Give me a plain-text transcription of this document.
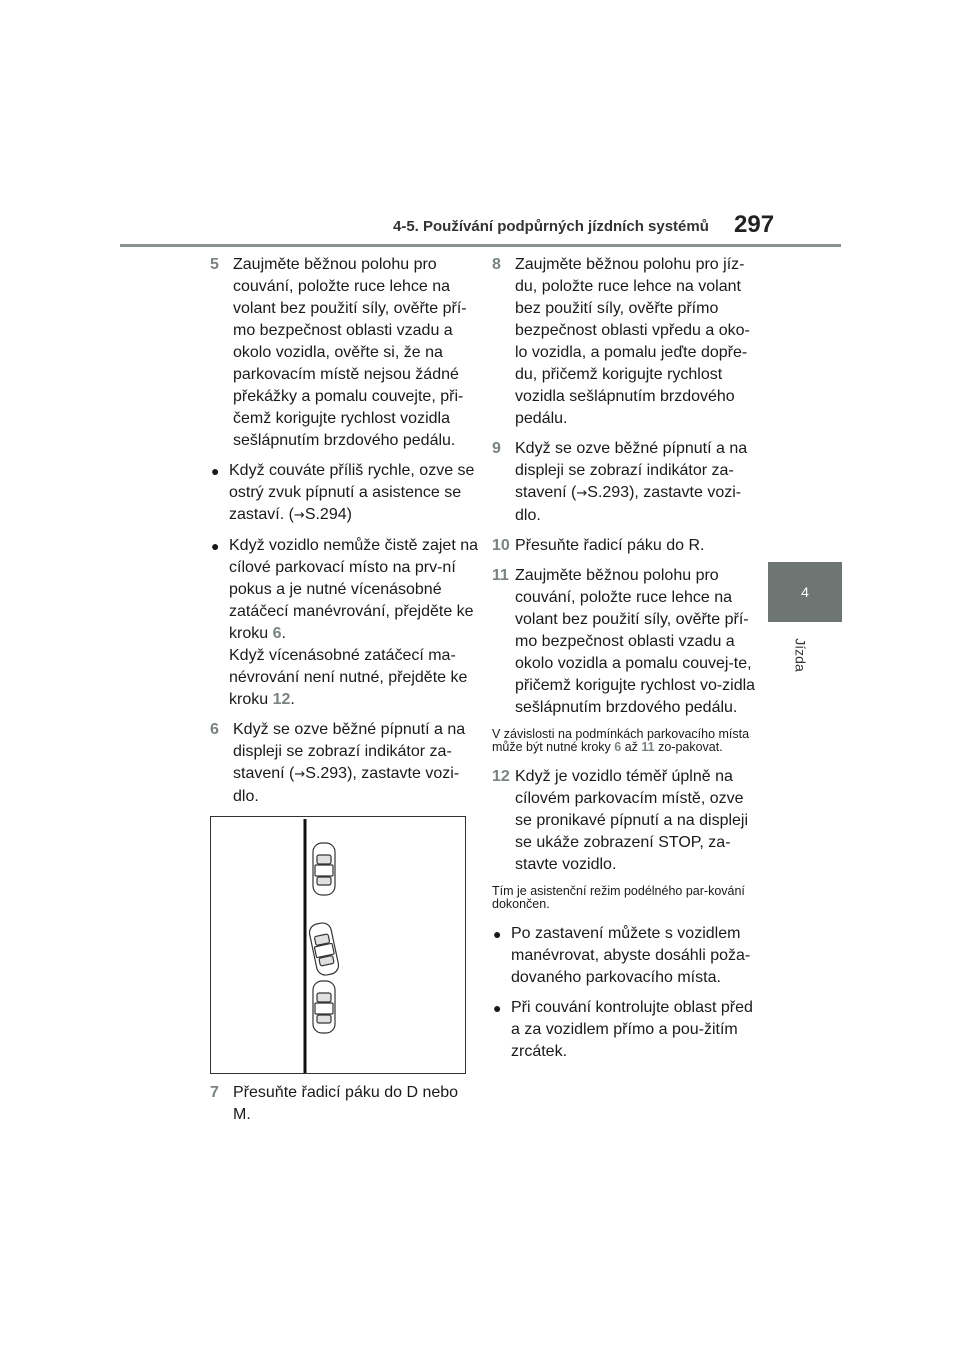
4-5. Používání podpůrných jízdních systémů 297
4
Jízda
5 Zaujměte běžnou polohu pro couvání, položte ruce lehce na volant bez použití síly, ověřte pří-mo bezpečnost oblasti vzadu a okolo vozidla, ověřte si, že na parkovacím místě nejsou žádné překážky a pomalu couvejte, při-čemž korigujte rychlost vozidla sešlápnutím brzdového pedálu.
● Když couváte příliš rychle, ozve se ostrý zvuk pípnutí a asistence se zastaví. (→S.294)
● Když vozidlo nemůže čistě zajet na cílové parkovací místo na prv-ní pokus a je nutné vícenásobné zatáčecí manévrování, přejděte ke kroku 6.
Když vícenásobné zatáčecí ma-névrování není nutné, přejděte ke kroku 12.
6 Když se ozve běžné pípnutí a na displeji se zobrazí indikátor za-stavení (→S.293), zastavte vozi-dlo.
7 Přesuňte řadicí páku do D nebo M.
8 Zaujměte běžnou polohu pro jíz-du, položte ruce lehce na volant bez použití síly, ověřte přímo bezpečnost oblasti vpředu a oko-lo vozidla, a pomalu jeďte dopře-du, přičemž korigujte rychlost vozidla sešlápnutím brzdového pedálu.
9 Když se ozve běžné pípnutí a na displeji se zobrazí indikátor za-stavení (→S.293), zastavte vozi-dlo.
10 Přesuňte řadicí páku do R.
11 Zaujměte běžnou polohu pro couvání, položte ruce lehce na volant bez použití síly, ověřte pří-mo bezpečnost oblasti vzadu a okolo vozidla a pomalu couvej-te, přičemž korigujte rychlost vo-zidla sešlápnutím brzdového pedálu.
V závislosti na podmínkách parkovacího místa může být nutné kroky 6 až 11 zo-pakovat.
12 Když je vozidlo téměř úplně na cílovém parkovacím místě, ozve se pronikavé pípnutí a na displeji se ukáže zobrazení STOP, za-stavte vozidlo.
Tím je asistenční režim podélného par-kování dokončen.
● Po zastavení můžete s vozidlem manévrovat, abyste dosáhli poža-dovaného parkovacího místa.
● Při couvání kontrolujte oblast před a za vozidlem přímo a pou-žitím zrcátek.
